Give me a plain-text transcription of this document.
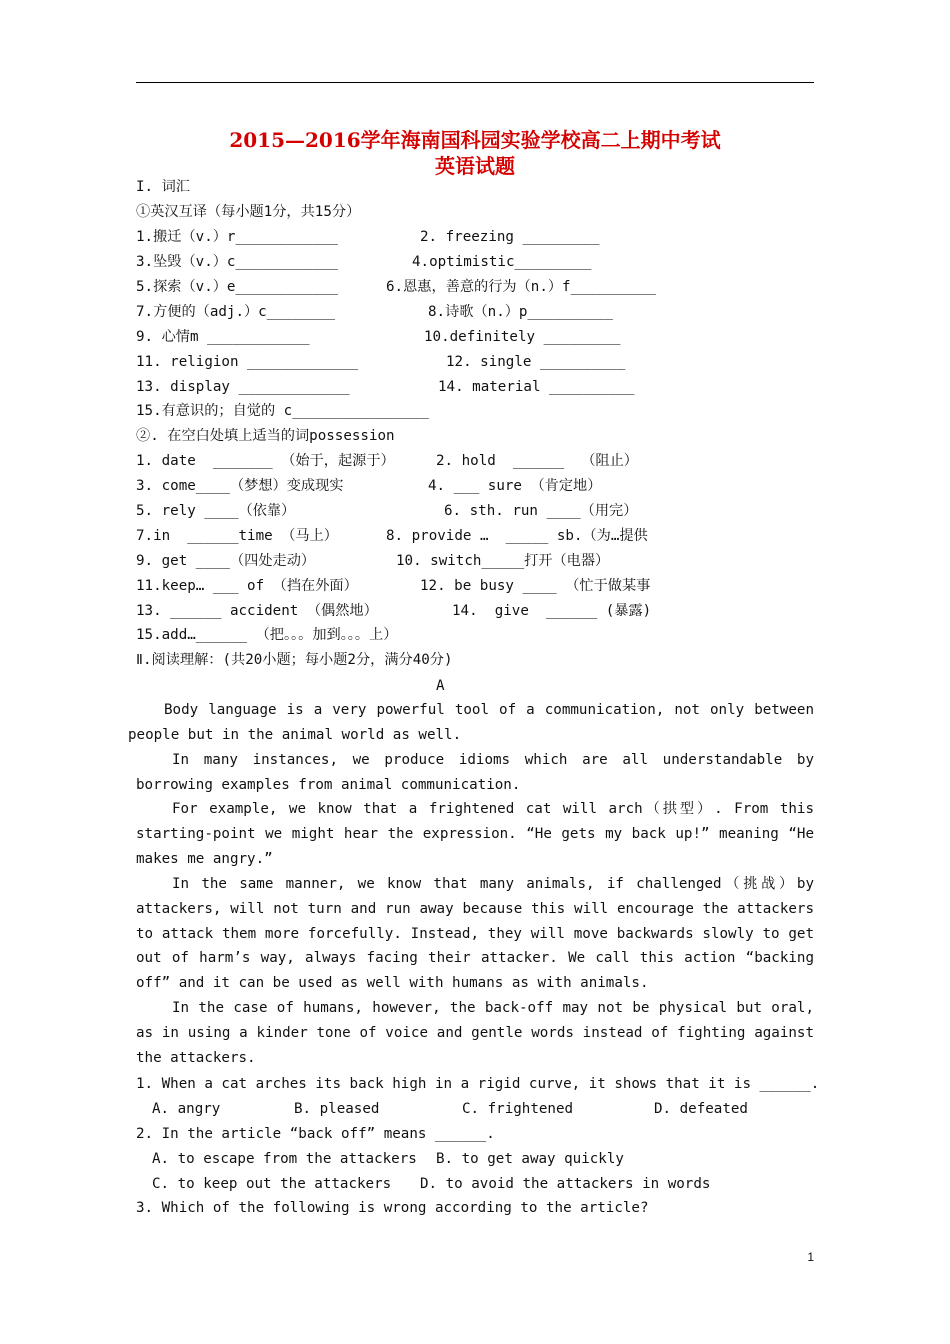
2015—2016学年海南国科园实验学校高二上期中考试
英语试题
I. 词汇
①英汉互译（每小题1分，共15分）
1.搬迁（v.）r____________	2. freezing _________
3.坠毁（v.）c____________	4.optimistic_________
5.探索（v.）e____________	6.恩惠，善意的行为（n.）f__________
7.方便的（adj.）c________	8.诗歌（n.）p__________
9. 心情m ____________	10.definitely _________
11. religion _____________	12. single __________
13. display _____________	14. material __________
15.有意识的；自觉的 c________________
②. 在空白处填上适当的词possession
1. date  _______ （始于，起源于）	2. hold  ______  （阻止）
3. come____（梦想）变成现实	4. ___ sure （肯定地）
5. rely ____（依靠）	6. sth. run ____（用完）
7.in  ______time （马上）	8. provide …  _____ sb.（为…提供
9. get ____（四处走动）	10. switch_____打开（电器）
11.keep… ___ of （挡在外面）	12. be busy ____ （忙于做某事
13. ______ accident （偶然地）	14.  give  ______ (暴露)
15.add…______ （把。。。加到。。。上）
Ⅱ.阅读理解：(共20小题；每小题2分，满分40分)
A
Body language is a very powerful tool of a communication, not only between people but in the animal world as well.
In many instances, we produce idioms which are all understandable by borrowing examples from animal communication.
For example, we know that a frightened cat will arch（拱型）. From this starting-point we might hear the expression. “He gets my back up!” meaning “He makes me angry.”
In the same manner, we know that many animals, if challenged（挑战）by attackers, will not turn and run away because this will encourage the attackers to attack them more forcefully. Instead, they will move backwards slowly to get out of harm’s way, always facing their attacker. We call this action “backing off” and it can be used as well with humans as with animals.
In the case of humans, however, the back-off may not be physical but oral, as in using a kinder tone of voice and gentle words instead of fighting against the attackers.
1. When a cat arches its back high in a rigid curve, it shows that it is ______.
A. angry	B. pleased	C. frightened	D. defeated
2. In the article “back off” means ______.
A. to escape from the attackers B. to get away quickly
C. to keep out the attackers D. to avoid the attackers in words
3. Which of the following is wrong according to the article?
1
